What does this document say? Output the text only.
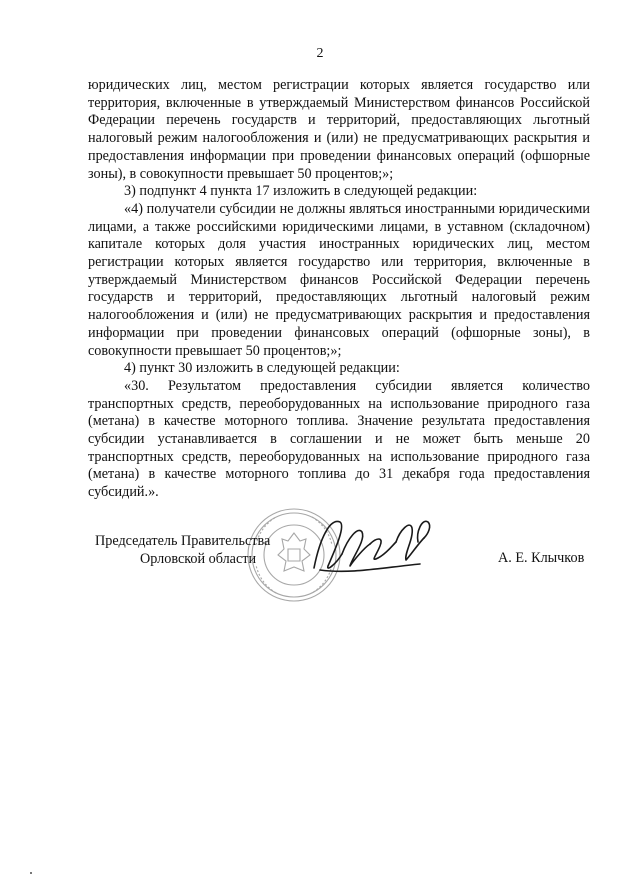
2

юридических лиц, местом регистрации которых является государство или территория, включенные в утверждаемый Министерством финансов Российской Федерации перечень государств и территорий, предоставляющих льготный налоговый режим налогообложения и (или) не предусматривающих раскрытия и предоставления информации при проведении финансовых операций (офшорные зоны), в совокупности превышает 50 процентов;»;

3) подпункт 4 пункта 17 изложить в следующей редакции:

«4) получатели субсидии не должны являться иностранными юридическими лицами, а также российскими юридическими лицами, в уставном (складочном) капитале которых доля участия иностранных юридических лиц, местом регистрации которых является государство или территория, включенные в утверждаемый Министерством финансов Российской Федерации перечень государств и территорий, предоставляющих льготный налоговый режим налогообложения и (или) не предусматривающих раскрытия и предоставления информации при проведении финансовых операций (офшорные зоны), в совокупности превышает 50 процентов;»;

4) пункт 30 изложить в следующей редакции:

«30. Результатом предоставления субсидии является количество транспортных средств, переоборудованных на использование природного газа (метана) в качестве моторного топлива. Значение результата предоставления субсидии устанавливается в соглашении и не может быть меньше 20 транспортных средств, переоборудованных на использование природного газа (метана) в качестве моторного топлива до 31 декабря года предоставления субсидий.».

Председатель Правительства
Орловской области	А. Е. Клычков
